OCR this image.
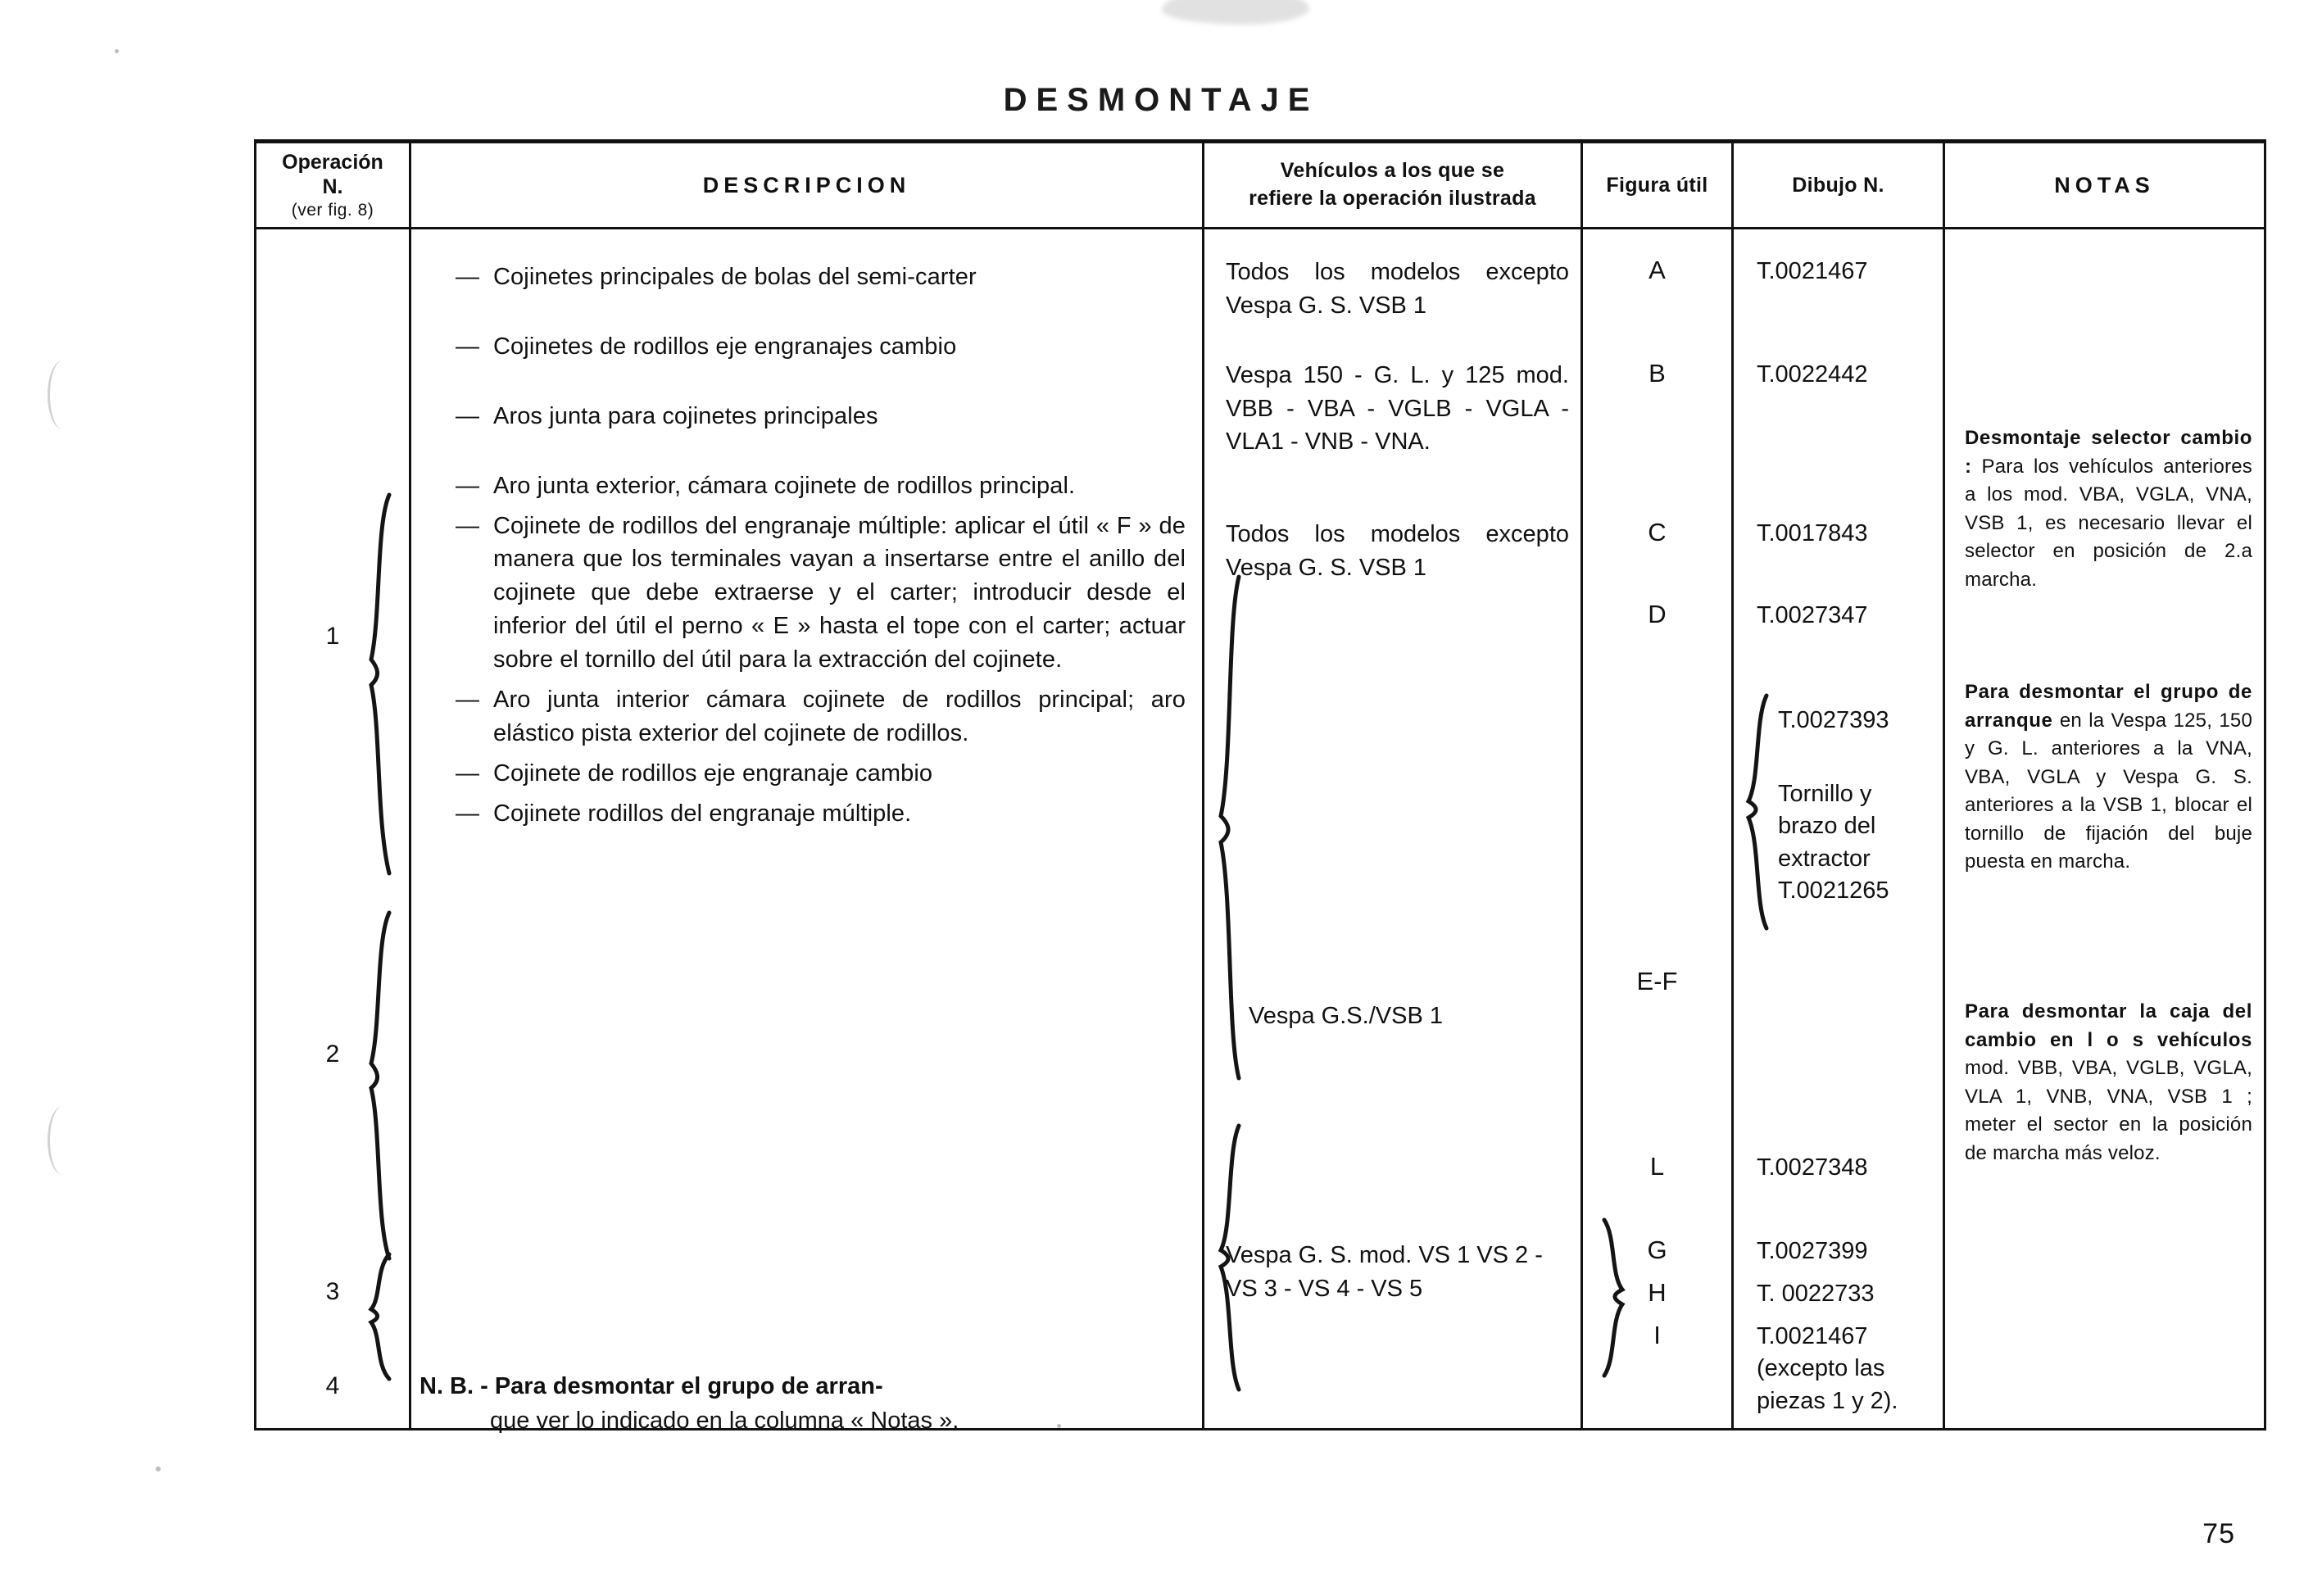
DESMONTAJE
Operación
N.
(ver fig. 8)
DESCRIPCION
Vehículos a los que se
refiere la operación ilustrada
Figura útil	Dibujo N.	NOTAS
1
2
3
4
— Cojinetes principales de bolas del semi-carter
— Cojinetes de rodillos eje engranajes cambio
— Aros junta para cojinetes principales
— Aro junta exterior, cámara cojinete de rodillos principal.
— Cojinete de rodillos del engranaje múltiple: aplicar el útil « F » de manera que los terminales vayan a insertarse entre el anillo del cojinete que debe extraerse y el carter; introducir desde el inferior del útil el perno « E » hasta el tope con el carter; actuar sobre el tornillo del útil para la extracción del cojinete.
— Aro junta interior cámara cojinete de rodillos principal; aro elástico pista exterior del cojinete de rodillos.
— Cojinete de rodillos eje engranaje cambio
— Cojinete rodillos del engranaje múltiple.
N. B. - Para desmontar el grupo de arran-
que ver lo indicado en la columna « Notas ».
Todos los modelos excepto Vespa G. S. VSB 1
Vespa 150 - G. L. y 125 mod. VBB - VBA - VGLB - VGLA - VLA1 - VNB - VNA.
Todos los modelos excepto Vespa G. S. VSB 1
Vespa G.S./VSB 1
Vespa G. S. mod. VS 1 VS 2 - VS 3 - VS 4 - VS 5
A
B
C
D
E-F
L
G
H
I
T.0021467
T.0022442
T.0017843
T.0027347
T.0027393
Tornillo y brazo del extractor T.0021265
T.0027348
T.0027399
T. 0022733
T.0021467 (excepto las piezas 1 y 2).
Desmontaje selector cambio : Para los vehículos anteriores a los mod. VBA, VGLA, VNA, VSB 1, es necesario llevar el selector en posición de 2.a marcha.
Para desmontar el grupo de arranque en la Vespa 125, 150 y G. L. anteriores a la VNA, VBA, VGLA y Vespa G. S. anteriores a la VSB 1, blocar el tornillo de fijación del buje puesta en marcha.
Para desmontar la caja del cambio en l o s vehículos mod. VBB, VBA, VGLB, VGLA, VLA 1, VNB, VNA, VSB 1 ; meter el sector en la posición de marcha más veloz.
75
